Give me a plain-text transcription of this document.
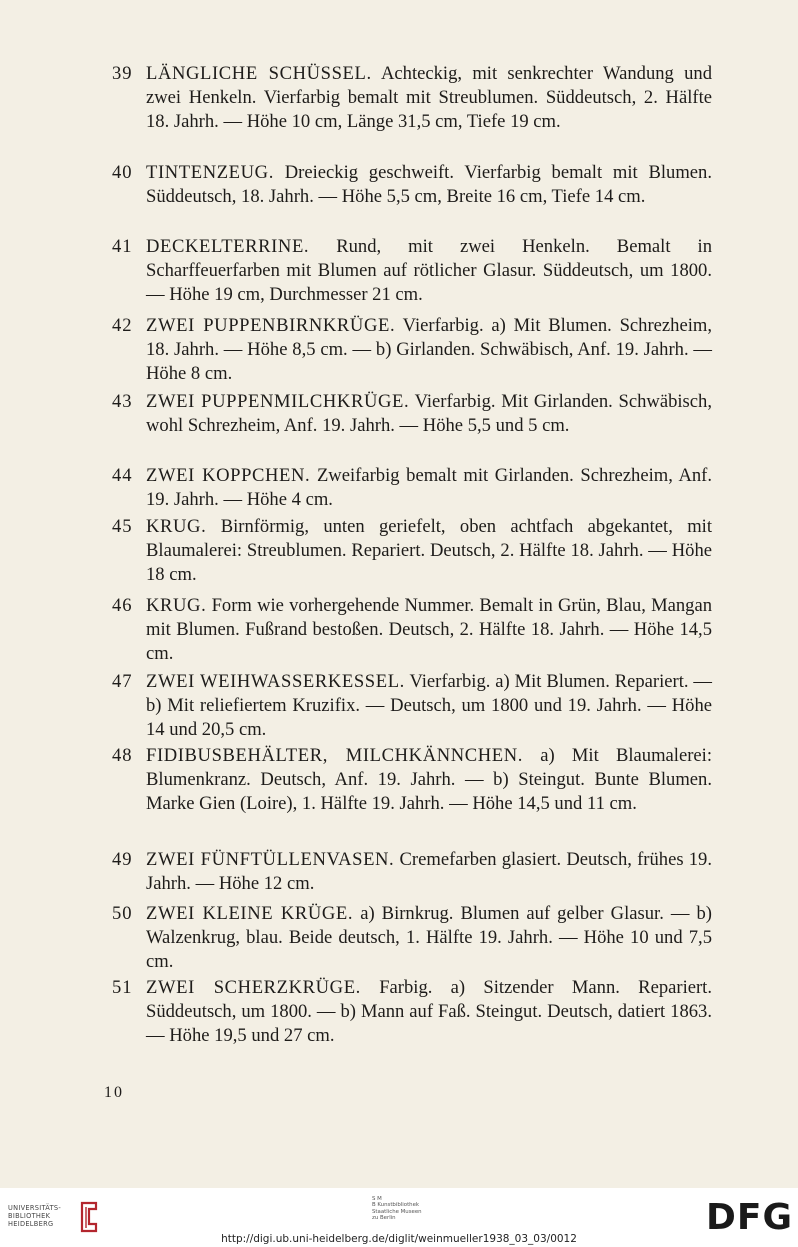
39 LÄNGLICHE SCHÜSSEL. Achteckig, mit senkrechter Wandung und zwei Henkeln. Vierfarbig bemalt mit Streublumen. Süddeutsch, 2. Hälfte 18. Jahrh. — Höhe 10 cm, Länge 31,5 cm, Tiefe 19 cm.
40 TINTENZEUG. Dreieckig geschweift. Vierfarbig bemalt mit Blumen. Süddeutsch, 18. Jahrh. — Höhe 5,5 cm, Breite 16 cm, Tiefe 14 cm.
41 DECKELTERRINE. Rund, mit zwei Henkeln. Bemalt in Scharffeuerfarben mit Blumen auf rötlicher Glasur. Süddeutsch, um 1800. — Höhe 19 cm, Durchmesser 21 cm.
42 ZWEI PUPPENBIRNKRÜGE. Vierfarbig. a) Mit Blumen. Schrezheim, 18. Jahrh. — Höhe 8,5 cm. — b) Girlanden. Schwäbisch, Anf. 19. Jahrh. — Höhe 8 cm.
43 ZWEI PUPPENMILCHKRÜGE. Vierfarbig. Mit Girlanden. Schwäbisch, wohl Schrezheim, Anf. 19. Jahrh. — Höhe 5,5 und 5 cm.
44 ZWEI KOPPCHEN. Zweifarbig bemalt mit Girlanden. Schrezheim, Anf. 19. Jahrh. — Höhe 4 cm.
45 KRUG. Birnförmig, unten geriefelt, oben achtfach abgekantet, mit Blaumalerei: Streublumen. Repariert. Deutsch, 2. Hälfte 18. Jahrh. — Höhe 18 cm.
46 KRUG. Form wie vorhergehende Nummer. Bemalt in Grün, Blau, Mangan mit Blumen. Fußrand bestoßen. Deutsch, 2. Hälfte 18. Jahrh. — Höhe 14,5 cm.
47 ZWEI WEIHWASSERKESSEL. Vierfarbig. a) Mit Blumen. Repariert. — b) Mit reliefiertem Kruzifix. — Deutsch, um 1800 und 19. Jahrh. — Höhe 14 und 20,5 cm.
48 FIDIBUSBEHÄLTER, MILCHKÄNNCHEN. a) Mit Blaumalerei: Blumenkranz. Deutsch, Anf. 19. Jahrh. — b) Steingut. Bunte Blumen. Marke Gien (Loire), 1. Hälfte 19. Jahrh. — Höhe 14,5 und 11 cm.
49 ZWEI FÜNFTÜLLENVASEN. Cremefarben glasiert. Deutsch, frühes 19. Jahrh. — Höhe 12 cm.
50 ZWEI KLEINE KRÜGE. a) Birnkrug. Blumen auf gelber Glasur. — b) Walzenkrug, blau. Beide deutsch, 1. Hälfte 19. Jahrh. — Höhe 10 und 7,5 cm.
51 ZWEI SCHERZKRÜGE. Farbig. a) Sitzender Mann. Repariert. Süddeutsch, um 1800. — b) Mann auf Faß. Steingut. Deutsch, datiert 1863. — Höhe 19,5 und 27 cm.
10
UNIVERSITÄTS-
BIBLIOTHEK
HEIDELBERG
S M
B Kunstbibliothek
Staatliche Museen
zu Berlin	DFG
http://digi.ub.uni-heidelberg.de/diglit/weinmueller1938_03_03/0012
